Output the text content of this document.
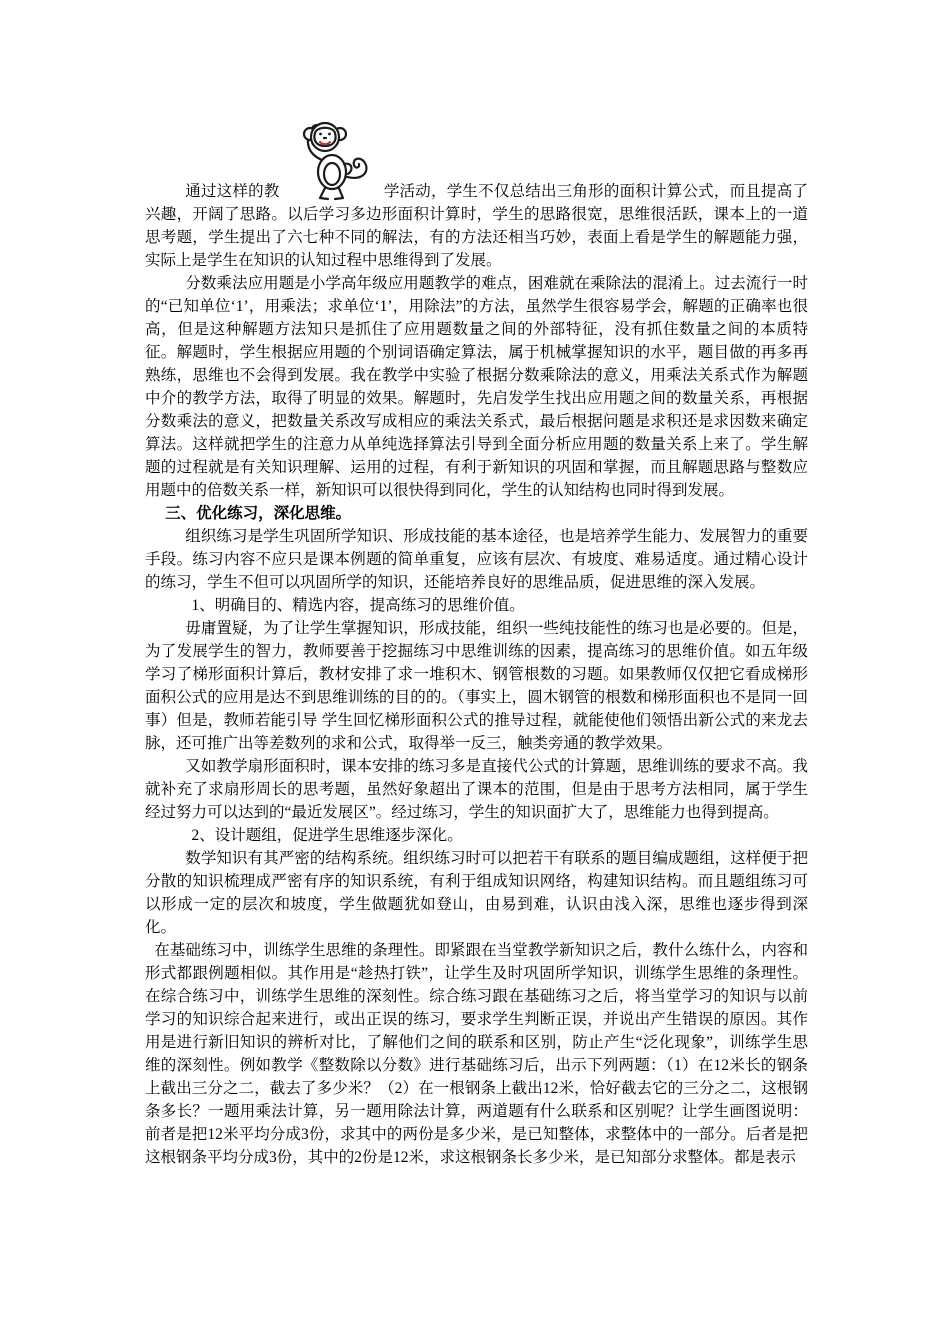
通过这样的教	学活动，学生不仅总结出三角形的面积计算公式，而且提高了兴趣，开阔了思路。以后学习多边形面积计算时，学生的思路很宽，思维很活跃，课本上的一道思考题，学生提出了六七种不同的解法，有的方法还相当巧妙，表面上看是学生的解题能力强，实际上是学生在知识的认知过程中思维得到了发展。

分数乘法应用题是小学高年级应用题教学的难点，困难就在乘除法的混淆上。过去流行一时的“已知单位‘1’，用乘法；求单位‘1’，用除法”的方法，虽然学生很容易学会，解题的正确率也很高，但是这种解题方法知只是抓住了应用题数量之间的外部特征，没有抓住数量之间的本质特征。解题时，学生根据应用题的个别词语确定算法，属于机械掌握知识的水平，题目做的再多再熟练，思维也不会得到发展。我在教学中实验了根据分数乘除法的意义，用乘法关系式作为解题中介的教学方法，取得了明显的效果。解题时，先启发学生找出应用题之间的数量关系，再根据分数乘法的意义，把数量关系改写成相应的乘法关系式，最后根据问题是求积还是求因数来确定算法。这样就把学生的注意力从单纯选择算法引导到全面分析应用题的数量关系上来了。学生解题的过程就是有关知识理解、运用的过程，有利于新知识的巩固和掌握，而且解题思路与整数应用题中的倍数关系一样，新知识可以很快得到同化，学生的认知结构也同时得到发展。

三、优化练习，深化思维。

组织练习是学生巩固所学知识、形成技能的基本途径，也是培养学生能力、发展智力的重要手段。练习内容不应只是课本例题的简单重复，应该有层次、有坡度、难易适度。通过精心设计的练习，学生不但可以巩固所学的知识，还能培养良好的思维品质，促进思维的深入发展。

1、明确目的、精选内容，提高练习的思维价值。

毋庸置疑，为了让学生掌握知识，形成技能，组织一些纯技能性的练习也是必要的。但是，为了发展学生的智力，教师要善于挖掘练习中思维训练的因素，提高练习的思维价值。如五年级学习了梯形面积计算后，教材安排了求一堆积木、钢管根数的习题。如果教师仅仅把它看成梯形面积公式的应用是达不到思维训练的目的的。（事实上，圆木钢管的根数和梯形面积也不是同一回事）但是，教师若能引导 学生回忆梯形面积公式的推导过程，就能使他们领悟出新公式的来龙去脉，还可推广出等差数列的求和公式，取得举一反三，触类旁通的教学效果。

又如教学扇形面积时，课本安排的练习多是直接代公式的计算题，思维训练的要求不高。我就补充了求扇形周长的思考题，虽然好象超出了课本的范围，但是由于思考方法相同，属于学生经过努力可以达到的“最近发展区”。经过练习，学生的知识面扩大了，思维能力也得到提高。

2、设计题组，促进学生思维逐步深化。

数学知识有其严密的结构系统。组织练习时可以把若干有联系的题目编成题组，这样便于把分散的知识梳理成严密有序的知识系统，有利于组成知识网络，构建知识结构。而且题组练习可以形成一定的层次和坡度，学生做题犹如登山，由易到难，认识由浅入深，思维也逐步得到深化。

在基础练习中，训练学生思维的条理性。即紧跟在当堂教学新知识之后，教什么练什么，内容和形式都跟例题相似。其作用是“趁热打铁”，让学生及时巩固所学知识，训练学生思维的条理性。在综合练习中，训练学生思维的深刻性。综合练习跟在基础练习之后，将当堂学习的知识与以前学习的知识综合起来进行，或出正误的练习，要求学生判断正误，并说出产生错误的原因。其作用是进行新旧知识的辨析对比，了解他们之间的联系和区别，防止产生“泛化现象”，训练学生思维的深刻性。例如教学《整数除以分数》进行基础练习后，出示下列两题：（1）在12米长的钢条上截出三分之二，截去了多少米？（2）在一根钢条上截出12米，恰好截去它的三分之二，这根钢条多长？一题用乘法计算，另一题用除法计算，两道题有什么联系和区别呢？让学生画图说明：前者是把12米平均分成3份，求其中的两份是多少米，是已知整体，求整体中的一部分。后者是把这根钢条平均分成3份，其中的2份是12米，求这根钢条长多少米，是已知部分求整体。都是表示
